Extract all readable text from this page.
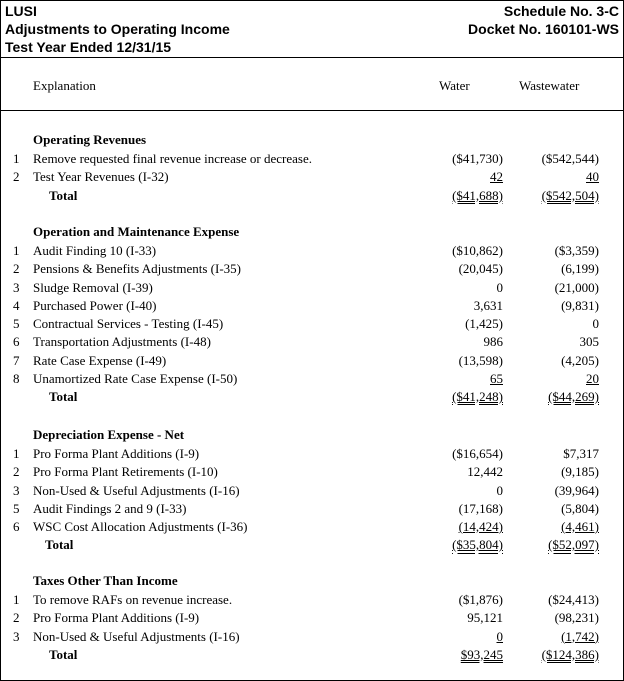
LUSI
Adjustments to Operating Income
Test Year Ended 12/31/15
Schedule No. 3-C
Docket No. 160101-WS
Explanation	Water	Wastewater
Operating Revenues
1	Remove requested final revenue increase or decrease.	($41,730)	($542,544)
2	Test Year Revenues (I-32)	42	40
Total	($41,688)	($542,504)
Operation and Maintenance Expense
1	Audit Finding 10 (I-33)	($10,862)	($3,359)
2	Pensions & Benefits Adjustments (I-35)	(20,045)	(6,199)
3	Sludge Removal (I-39)	0	(21,000)
4	Purchased Power (I-40)	3,631	(9,831)
5	Contractual Services - Testing (I-45)	(1,425)	0
6	Transportation Adjustments (I-48)	986	305
7	Rate Case Expense (I-49)	(13,598)	(4,205)
8	Unamortized Rate Case Expense (I-50)	65	20
Total	($41,248)	($44,269)
Depreciation Expense - Net
1	Pro Forma Plant Additions (I-9)	($16,654)	$7,317
2	Pro Forma Plant Retirements (I-10)	12,442	(9,185)
3	Non-Used & Useful Adjustments (I-16)	0	(39,964)
5	Audit Findings 2 and 9 (I-33)	(17,168)	(5,804)
6	WSC Cost Allocation Adjustments (I-36)	(14,424)	(4,461)
Total	($35,804)	($52,097)
Taxes Other Than Income
1	To remove RAFs on revenue increase.	($1,876)	($24,413)
2	Pro Forma Plant Additions (I-9)	95,121	(98,231)
3	Non-Used & Useful Adjustments (I-16)	0	(1,742)
Total	$93,245	($124,386)
